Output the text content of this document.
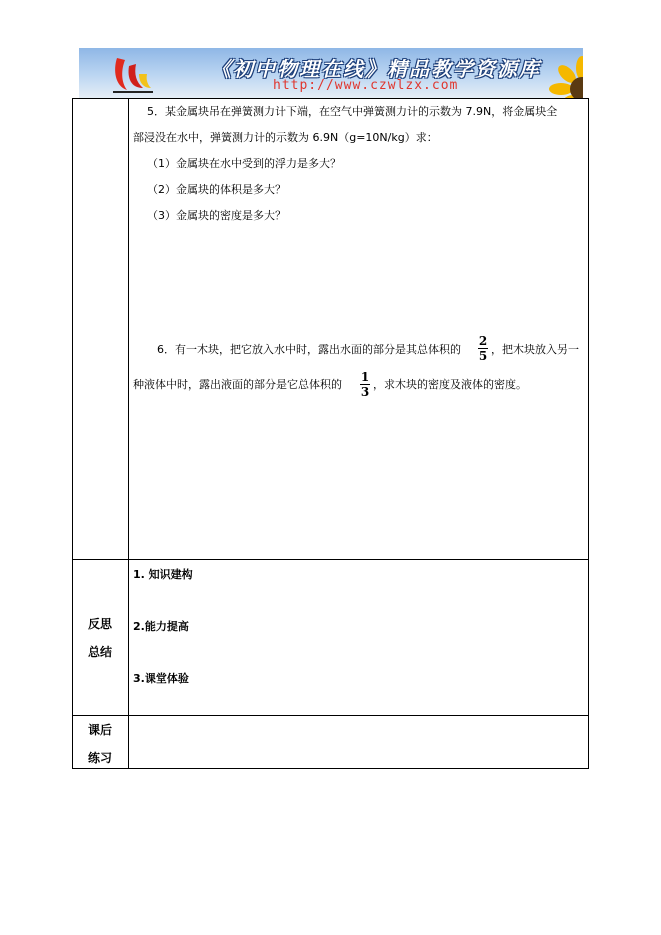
《初中物理在线》精品教学资源库
http://www.czwlzx.com
5．某金属块吊在弹簧测力计下端，在空气中弹簧测力计的示数为 7.9N，将金属块全
部浸没在水中，弹簧测力计的示数为 6.9N（g=10N/kg）求：
（1）金属块在水中受到的浮力是多大？
（2）金属块的体积是多大？
（3）金属块的密度是多大？
6．有一木块，把它放入水中时，露出水面的部分是其总体积的
2
5 ，把木块放入另一
种液体中时，露出液面的部分是它总体积的
1
3
，求木块的密度及液体的密度。
反思
总结
1. 知识建构
2.能力提高
3.课堂体验
课后
练习
